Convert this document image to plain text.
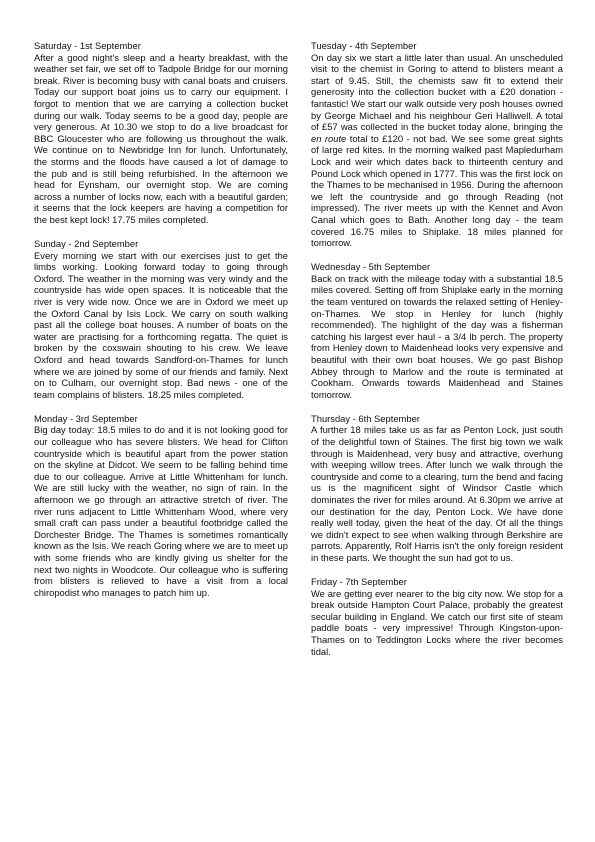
Saturday - 1st September
After a good night's sleep and a hearty breakfast, with the weather set fair, we set off to Tadpole Bridge for our morning break. River is becoming busy with canal boats and cruisers. Today our support boat joins us to carry our equipment. I forgot to mention that we are carrying a collection bucket during our walk. Today seems to be a good day, people are very generous. At 10.30 we stop to do a live broadcast for BBC Gloucester who are following us throughout the walk. We continue on to Newbridge Inn for lunch. Unfortunately, the storms and the floods have caused a lot of damage to the pub and is still being refurbished. In the afternoon we head for Eynsham, our overnight stop. We are coming across a number of locks now, each with a beautiful garden; it seems that the lock keepers are having a competition for the best kept lock! 17.75 miles completed.
Sunday - 2nd September
Every morning we start with our exercises just to get the limbs working. Looking forward today to going through Oxford. The weather in the morning was very windy and the countryside has wide open spaces. It is noticeable that the river is very wide now. Once we are in Oxford we meet up the Oxford Canal by Isis Lock. We carry on south walking past all the college boat houses. A number of boats on the water are practising for a forthcoming regatta. The quiet is broken by the coxswain shouting to his crew. We leave Oxford and head towards Sandford-on-Thames for lunch where we are joined by some of our friends and family. Next on to Culham, our overnight stop. Bad news - one of the team complains of blisters. 18.25 miles completed.
Monday - 3rd September
Big day today: 18.5 miles to do and it is not looking good for our colleague who has severe blisters. We head for Clifton countryside which is beautiful apart from the power station on the skyline at Didcot. We seem to be falling behind time due to our colleague. Arrive at Little Whittenham for lunch. We are still lucky with the weather, no sign of rain. In the afternoon we go through an attractive stretch of river. The river runs adjacent to Little Whittenham Wood, where very small craft can pass under a beautiful footbridge called the Dorchester Bridge. The Thames is sometimes romantically known as the Isis. We reach Goring where we are to meet up with some friends who are kindly giving us shelter for the next two nights in Woodcote. Our colleague who is suffering from blisters is relieved to have a visit from a local chiropodist who manages to patch him up.
Tuesday - 4th September
On day six we start a little later than usual. An unscheduled visit to the chemist in Goring to attend to blisters meant a start of 9.45. Still, the chemists saw fit to extend their generosity into the collection bucket with a £20 donation - fantastic! We start our walk outside very posh houses owned by George Michael and his neighbour Geri Halliwell. A total of £57 was collected in the bucket today alone, bringing the en route total to £120 - not bad. We see some great sights of large red kites. In the morning walked past Mapledurham Lock and weir which dates back to thirteenth century and Pound Lock which opened in 1777. This was the first lock on the Thames to be mechanised in 1956. During the afternoon we left the countryside and go through Reading (not impressed). The river meets up with the Kennet and Avon Canal which goes to Bath. Another long day - the team covered 16.75 miles to Shiplake. 18 miles planned for tomorrow.
Wednesday - 5th September
Back on track with the mileage today with a substantial 18.5 miles covered. Setting off from Shiplake early in the morning the team ventured on towards the relaxed setting of Henley-on-Thames. We stop in Henley for lunch (highly recommended). The highlight of the day was a fisherman catching his largest ever haul - a 3/4 lb perch. The property from Henley down to Maidenhead looks very expensive and beautiful with their own boat houses. We go past Bishop Abbey through to Marlow and the route is terminated at Cookham. Onwards towards Maidenhead and Staines tomorrow.
Thursday - 6th September
A further 18 miles take us as far as Penton Lock, just south of the delightful town of Staines. The first big town we walk through is Maidenhead, very busy and attractive, overhung with weeping willow trees. After lunch we walk through the countryside and come to a clearing, turn the bend and facing us is the magnificent sight of Windsor Castle which dominates the river for miles around. At 6.30pm we arrive at our destination for the day, Penton Lock. We have done really well today, given the heat of the day. Of all the things we didn't expect to see when walking through Berkshire are parrots. Apparently, Rolf Harris isn't the only foreign resident in these parts. We thought the sun had got to us.
Friday - 7th September
We are getting ever nearer to the big city now. We stop for a break outside Hampton Court Palace, probably the greatest secular building in England. We catch our first site of steam paddle boats - very impressive! Through Kingston-upon-Thames on to Teddington Locks where the river becomes tidal.
